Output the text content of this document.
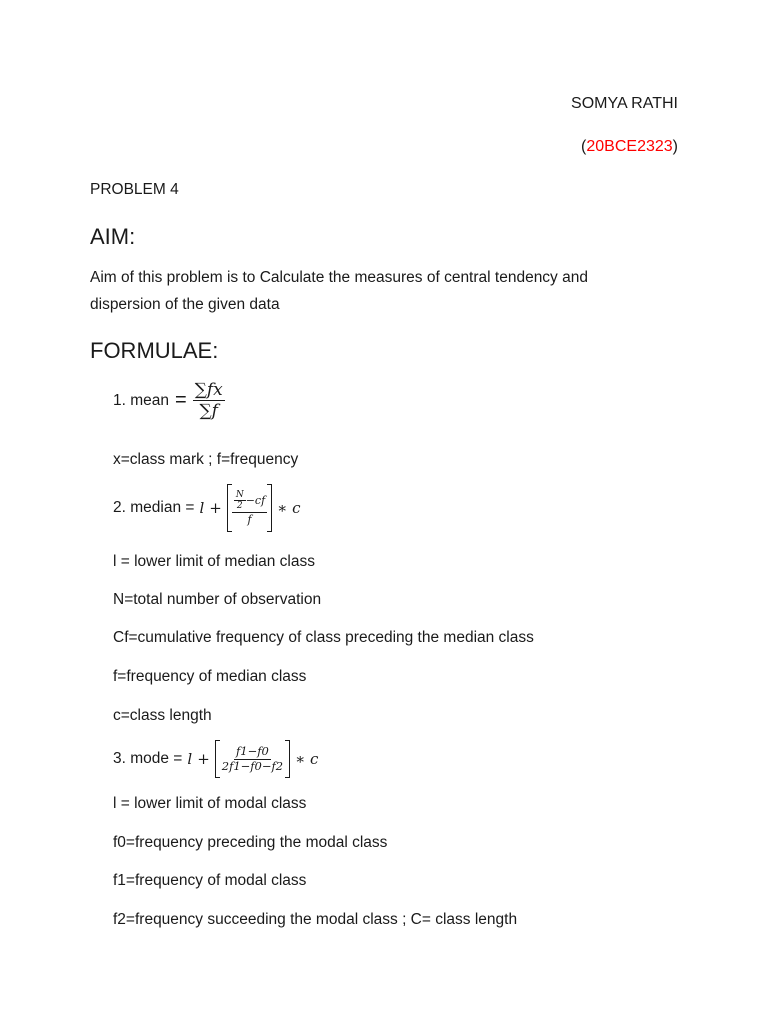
SOMYA RATHI
(20BCE2323)
PROBLEM 4
AIM:
Aim of this problem is to Calculate the measures of central tendency and
dispersion of the given data
FORMULAE:
1. mean = $\frac{\sum fx}{\sum f}$
x=class mark ; f=frequency
2. median = $l + \frac{\frac{N}{2} -cf}{f}$ ∗ c
l = lower limit of median class
N=total number of observation
Cf=cumulative frequency of class preceding the median class
f=frequency of median class
c=class length
3. mode = $l + \frac{f1-f0}{2f1-f0-f2}$ ∗ c
l = lower limit of modal class
f0=frequency preceding the modal class
f1=frequency of modal class
f2=frequency succeeding the modal class ; C= class length
